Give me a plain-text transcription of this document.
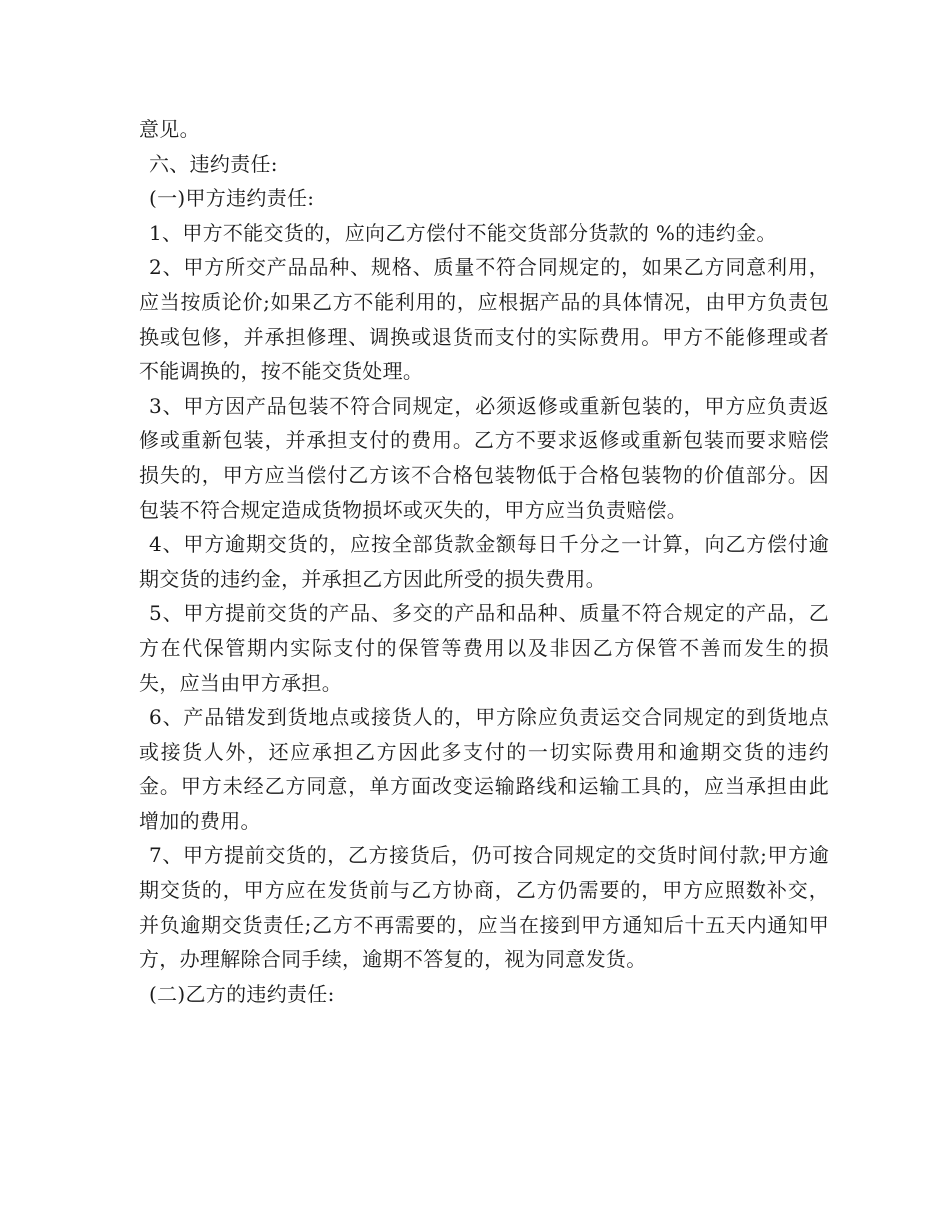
意见。

六、违约责任:

(一)甲方违约责任:

1、甲方不能交货的，应向乙方偿付不能交货部分货款的 %的违约金。

2、甲方所交产品品种、规格、质量不符合同规定的，如果乙方同意利用，应当按质论价;如果乙方不能利用的，应根据产品的具体情况，由甲方负责包换或包修，并承担修理、调换或退货而支付的实际费用。甲方不能修理或者不能调换的，按不能交货处理。

3、甲方因产品包装不符合同规定，必须返修或重新包装的，甲方应负责返修或重新包装，并承担支付的费用。乙方不要求返修或重新包装而要求赔偿损失的，甲方应当偿付乙方该不合格包装物低于合格包装物的价值部分。因包装不符合规定造成货物损坏或灭失的，甲方应当负责赔偿。

4、甲方逾期交货的，应按全部货款金额每日千分之一计算，向乙方偿付逾期交货的违约金，并承担乙方因此所受的损失费用。

5、甲方提前交货的产品、多交的产品和品种、质量不符合规定的产品，乙方在代保管期内实际支付的保管等费用以及非因乙方保管不善而发生的损失，应当由甲方承担。

6、产品错发到货地点或接货人的，甲方除应负责运交合同规定的到货地点或接货人外，还应承担乙方因此多支付的一切实际费用和逾期交货的违约金。甲方未经乙方同意，单方面改变运输路线和运输工具的，应当承担由此增加的费用。

7、甲方提前交货的，乙方接货后，仍可按合同规定的交货时间付款;甲方逾期交货的，甲方应在发货前与乙方协商，乙方仍需要的，甲方应照数补交，并负逾期交货责任;乙方不再需要的，应当在接到甲方通知后十五天内通知甲方，办理解除合同手续，逾期不答复的，视为同意发货。

(二)乙方的违约责任:
